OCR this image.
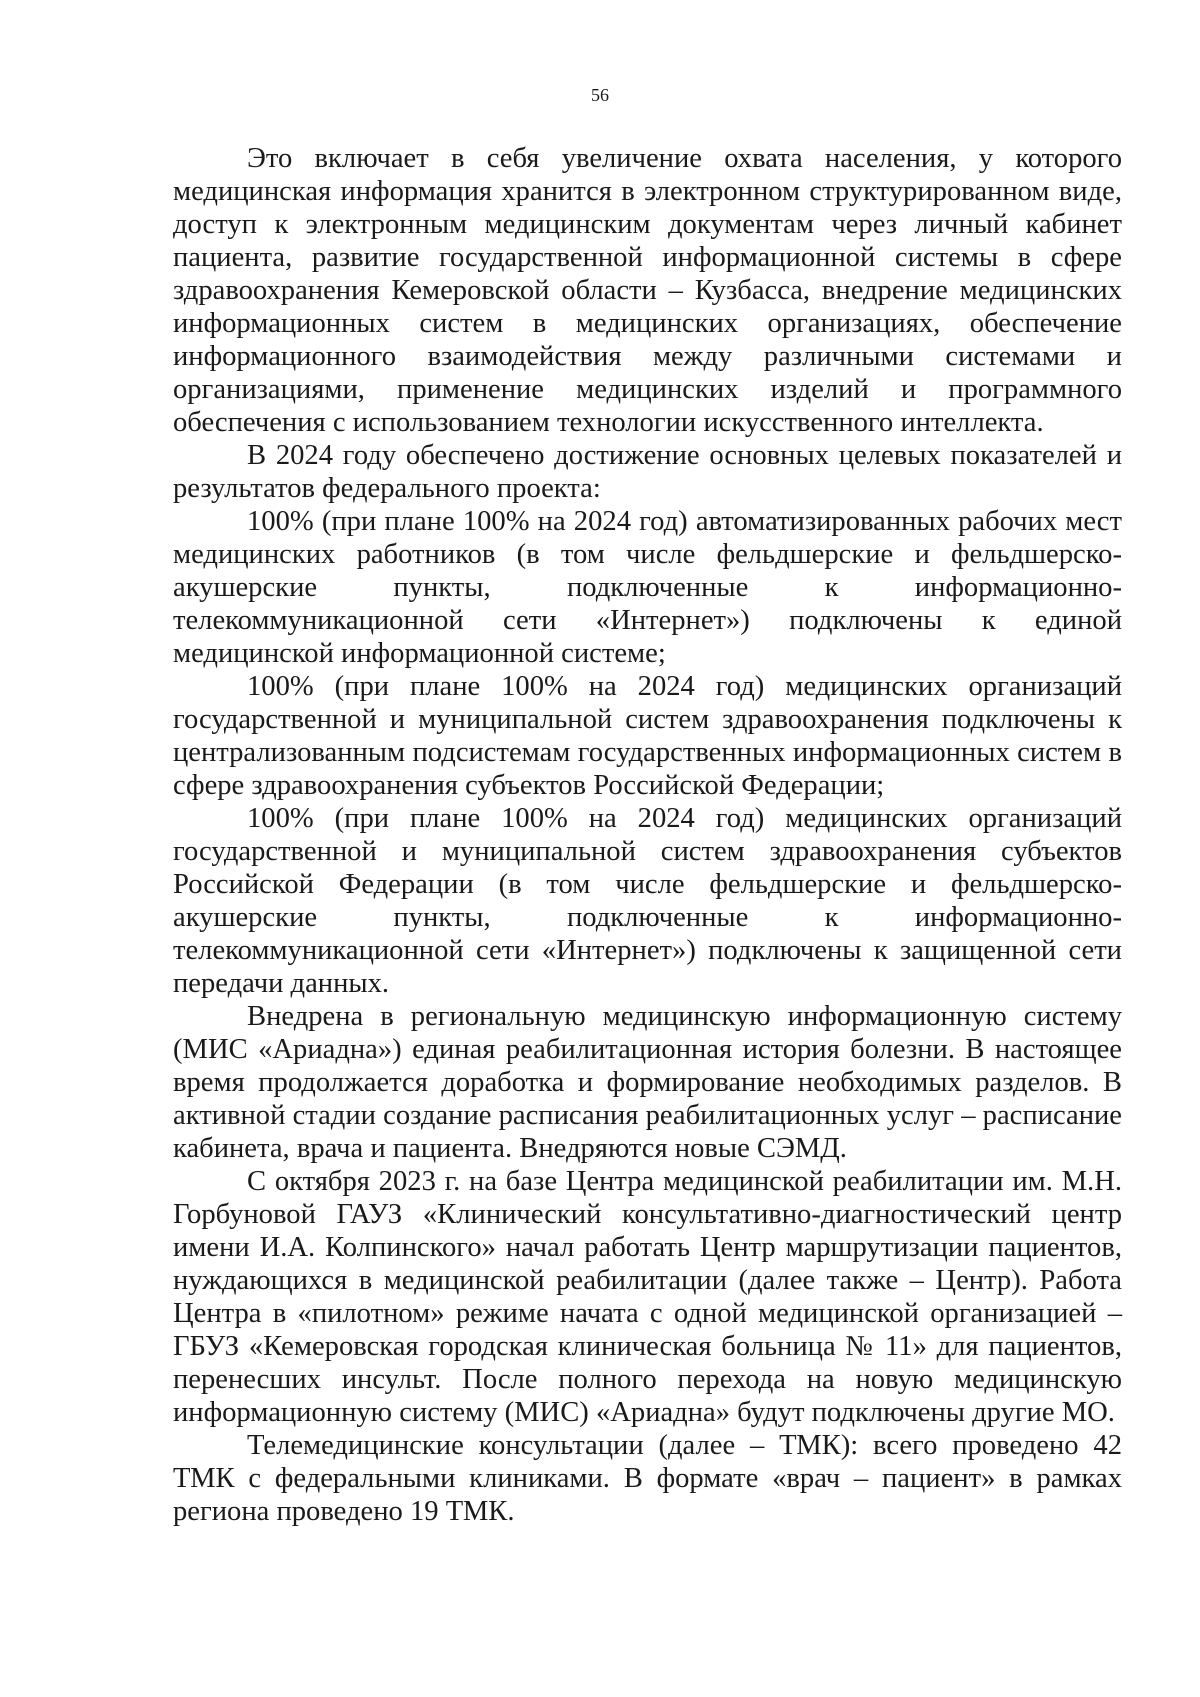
56

Это включает в себя увеличение охвата населения, у которого медицинская информация хранится в электронном структурированном виде, доступ к электронным медицинским документам через личный кабинет пациента, развитие государственной информационной системы в сфере здравоохранения Кемеровской области – Кузбасса, внедрение медицинских информационных систем в медицинских организациях, обеспечение информационного взаимодействия между различными системами и организациями, применение медицинских изделий и программного обеспечения с использованием технологии искусственного интеллекта.

В 2024 году обеспечено достижение основных целевых показателей и результатов федерального проекта:

100% (при плане 100% на 2024 год) автоматизированных рабочих мест медицинских работников (в том числе фельдшерские и фельдшерско-акушерские пункты, подключенные к информационно-телекоммуникационной сети «Интернет») подключены к единой медицинской информационной системе;

100% (при плане 100% на 2024 год) медицинских организаций государственной и муниципальной систем здравоохранения подключены к централизованным подсистемам государственных информационных систем в сфере здравоохранения субъектов Российской Федерации;

100% (при плане 100% на 2024 год) медицинских организаций государственной и муниципальной систем здравоохранения субъектов Российской Федерации (в том числе фельдшерские и фельдшерско-акушерские пункты, подключенные к информационно-телекоммуникационной сети «Интернет») подключены к защищенной сети передачи данных.

Внедрена в региональную медицинскую информационную систему (МИС «Ариадна») единая реабилитационная история болезни. В настоящее время продолжается доработка и формирование необходимых разделов. В активной стадии создание расписания реабилитационных услуг – расписание кабинета, врача и пациента. Внедряются новые СЭМД.

С октября 2023 г. на базе Центра медицинской реабилитации им. М.Н. Горбуновой ГАУЗ «Клинический консультативно-диагностический центр имени И.А. Колпинского» начал работать Центр маршрутизации пациентов, нуждающихся в медицинской реабилитации (далее также – Центр). Работа Центра в «пилотном» режиме начата с одной медицинской организацией – ГБУЗ «Кемеровская городская клиническая больница № 11» для пациентов, перенесших инсульт. После полного перехода на новую медицинскую информационную систему (МИС) «Ариадна» будут подключены другие МО.

Телемедицинские консультации (далее – ТМК): всего проведено 42 ТМК с федеральными клиниками. В формате «врач – пациент» в рамках региона проведено 19 ТМК.
